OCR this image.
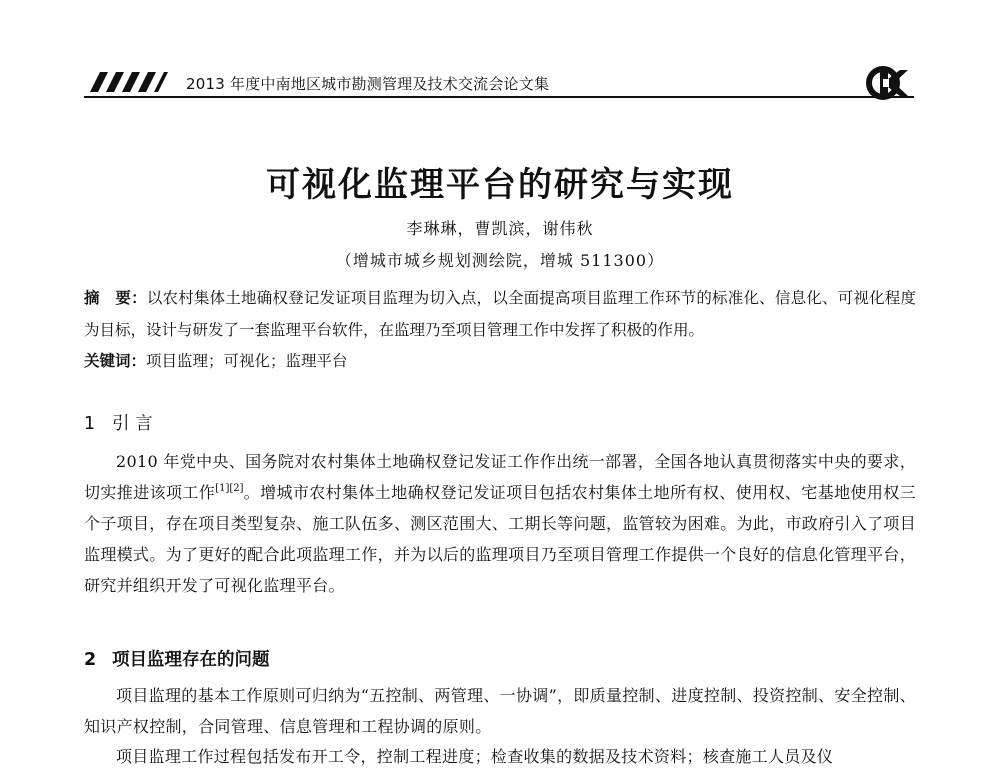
2013 年度中南地区城市勘测管理及技术交流会论文集
可视化监理平台的研究与实现
李琳琳，曹凯滨，谢伟秋
（增城市城乡规划测绘院，增城 511300）
摘　要：以农村集体土地确权登记发证项目监理为切入点，以全面提高项目监理工作环节的标准化、信息化、可视化程度为目标，设计与研发了一套监理平台软件，在监理乃至项目管理工作中发挥了积极的作用。
关键词：项目监理；可视化；监理平台
1 引 言
2010 年党中央、国务院对农村集体土地确权登记发证工作作出统一部署，全国各地认真贯彻落实中央的要求，切实推进该项工作[1][2]。增城市农村集体土地确权登记发证项目包括农村集体土地所有权、使用权、宅基地使用权三个子项目，存在项目类型复杂、施工队伍多、测区范围大、工期长等问题，监管较为困难。为此，市政府引入了项目监理模式。为了更好的配合此项监理工作，并为以后的监理项目乃至项目管理工作提供一个良好的信息化管理平台，研究并组织开发了可视化监理平台。
2 项目监理存在的问题
项目监理的基本工作原则可归纳为“五控制、两管理、一协调”，即质量控制、进度控制、投资控制、安全控制、知识产权控制，合同管理、信息管理和工程协调的原则。
项目监理工作过程包括发布开工令，控制工程进度；检查收集的数据及技术资料；核查施工人员及仪
